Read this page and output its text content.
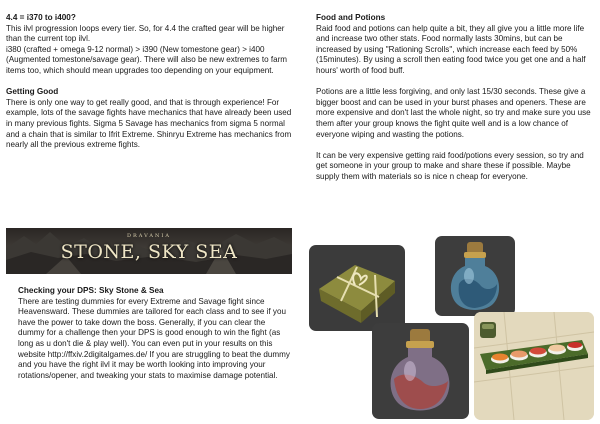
4.4 = i370 to i400?
This ilvl progression loops every tier. So, for 4.4 the crafted gear will be higher than the current top ilvl.

i380 (crafted + omega 9-12 normal) > i390 (New tomestone gear) > i400 (Augmented tomestone/savage gear). There will also be new extremes to farm items too, which should mean upgrades too depending on your equipment.

Getting Good

There is only one way to get really good, and that is through experience! For example, lots of the savage fights have mechanics that have already been used in many previous fights. Sigma 5 Savage has mechanics from sigma 5 normal and a chain that is similar to Ifrit Extreme. Shinryu Extreme has mechanics from nearly all the previous extreme fights.

DRAVANIA
STONE, SKY SEA
Checking your DPS: Sky Stone & Sea

There are testing dummies for every Extreme and Savage fight since Heavensward. These dummies are tailored for each class and to see if you have the power to take down the boss. Generally, if you can clear the dummy for a challenge then your DPS is good enough to win the fight (as long as u don't die & play well). You can even put in your results on this website http://ffxiv.2digitalgames.de/ If you are struggling to beat the dummy and you have the right ilvl it may be worth looking into improving your rotations/opener, and tweaking your stats to maximise damage potential.

Food and Potions

Raid food and potions can help quite a bit, they all give you a little more life and increase two other stats. Food normally lasts 30mins, but can be increased by using "Rationing Scrolls", which increase each feed by 50% (15minutes). By using a scroll then eating food twice you get one and a half hours' worth of food buff.

Potions are a little less forgiving, and only last 15/30 seconds. These give a bigger boost and can be used in your burst phases and openers. These are more expensive and don't last the whole night, so try and make sure you use them after your group knows the fight quite well and is a low chance of everyone wiping and wasting the potions.

It can be very expensive getting raid food/potions every session, so try and get someone in your group to make and share these if possible. Maybe supply them with materials so is nice n cheap for everyone.
